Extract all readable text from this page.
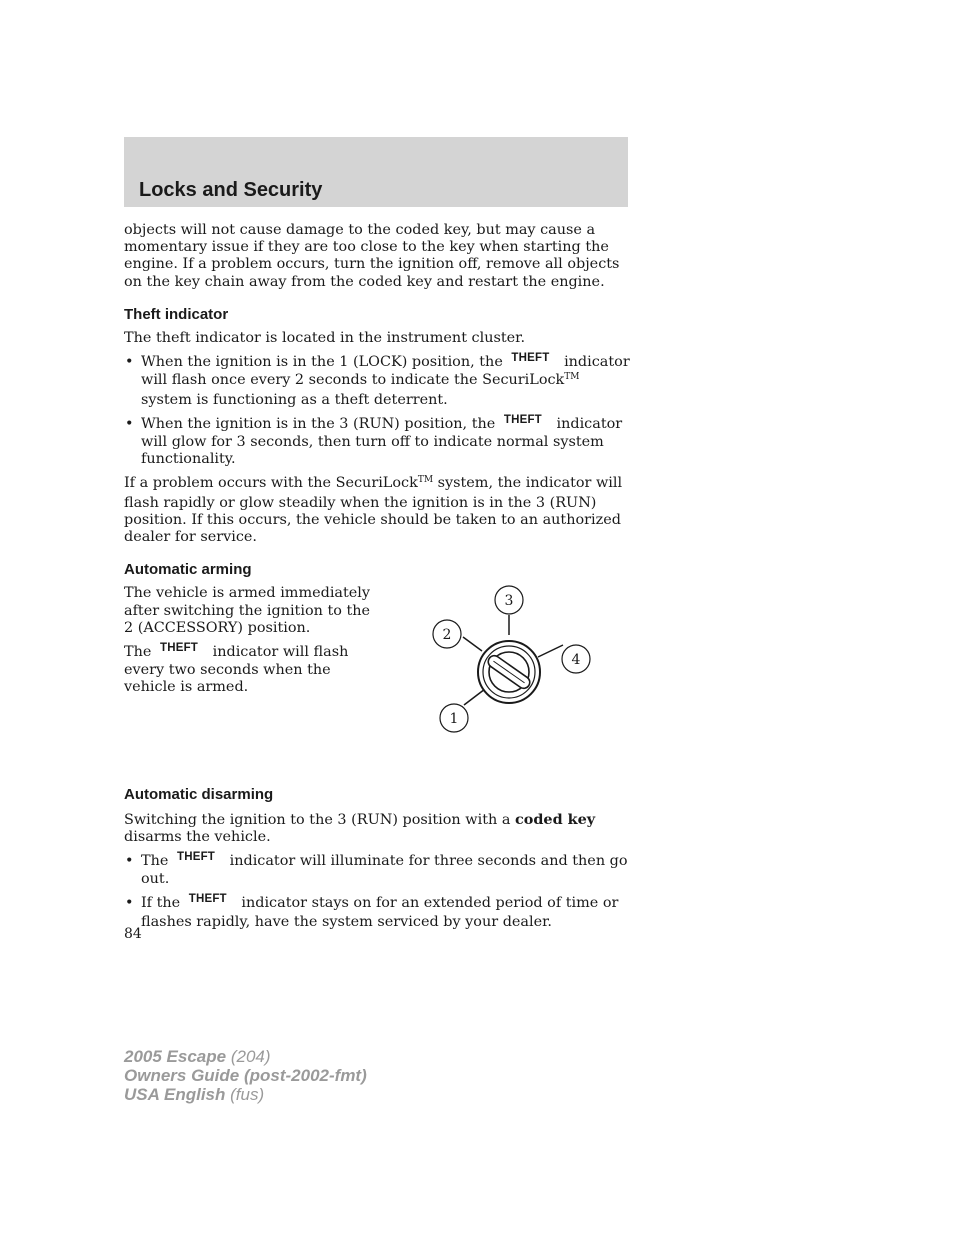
Locks and Security

objects will not cause damage to the coded key, but may cause a momentary issue if they are too close to the key when starting the engine. If a problem occurs, turn the ignition off, remove all objects on the key chain away from the coded key and restart the engine.

Theft indicator

The theft indicator is located in the instrument cluster.

• When the ignition is in the 1 (LOCK) position, the $^{THEFT}$ indicator will flash once every 2 seconds to indicate the SecuriLock™ system is functioning as a theft deterrent.
• When the ignition is in the 3 (RUN) position, the $^{THEFT}$ indicator will glow for 3 seconds, then turn off to indicate normal system functionality.

If a problem occurs with the SecuriLock™ system, the indicator will flash rapidly or glow steadily when the ignition is in the 3 (RUN) position. If this occurs, the vehicle should be taken to an authorized dealer for service.

Automatic arming

The vehicle is armed immediately after switching the ignition to the 2 (ACCESSORY) position.

The $^{THEFT}$ indicator will flash every two seconds when the vehicle is armed.

3
2
4
1
Automatic disarming

Switching the ignition to the 3 (RUN) position with a coded key disarms the vehicle.

• The $^{THEFT}$ indicator will illuminate for three seconds and then go out.
• If the $^{THEFT}$ indicator stays on for an extended period of time or flashes rapidly, have the system serviced by your dealer.
84
2005 Escape (204)
Owners Guide (post-2002-fmt)
USA English (fus)
